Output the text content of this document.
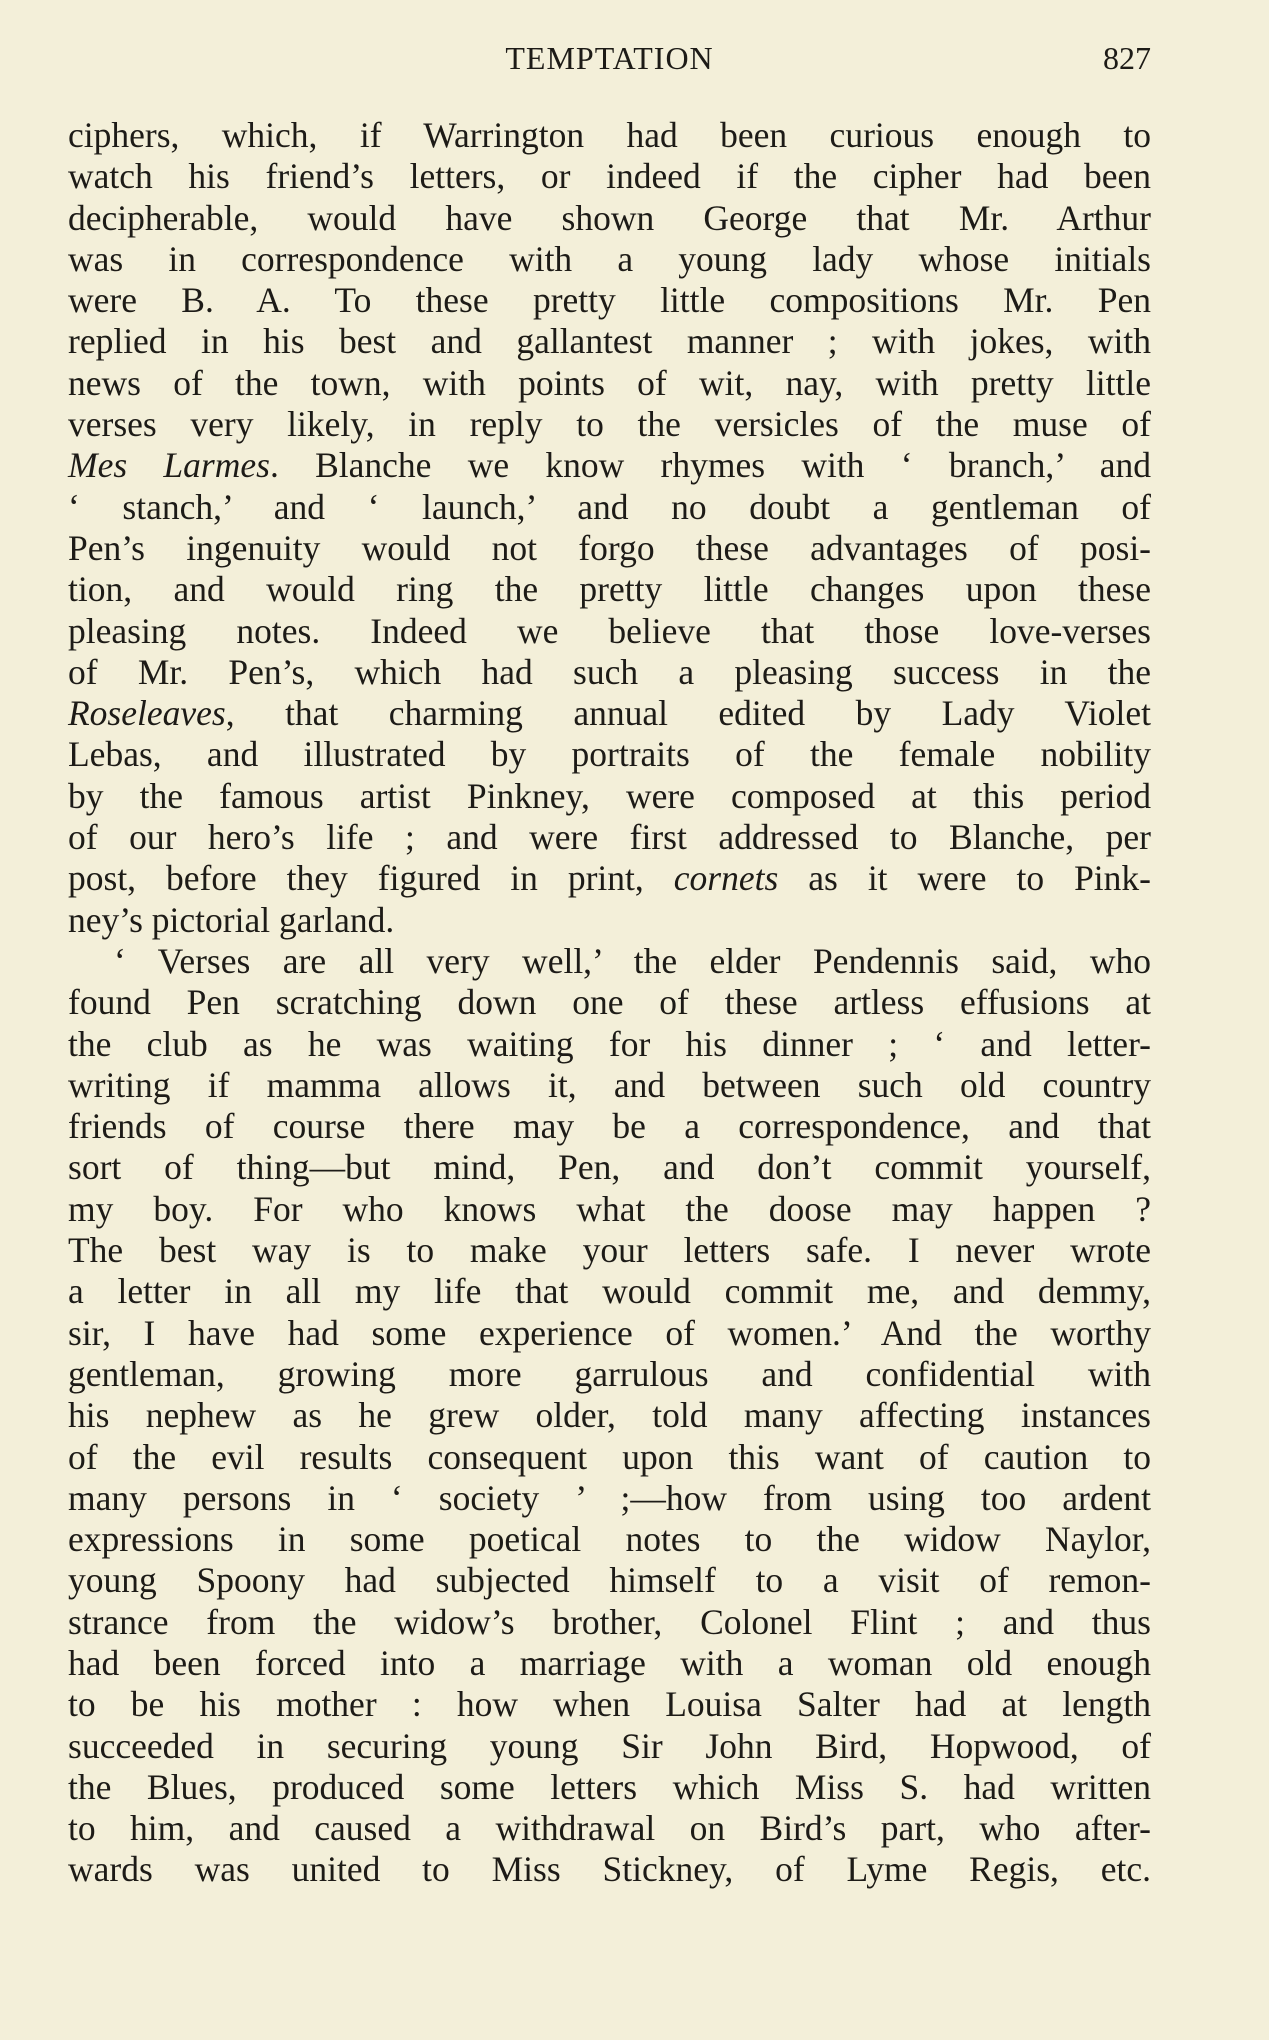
TEMPTATION	827
ciphers, which, if Warrington had been curious enough to
watch his friend’s letters, or indeed if the cipher had been
decipherable, would have shown George that Mr. Arthur
was in correspondence with a young lady whose initials
were B. A. To these pretty little compositions Mr. Pen
replied in his best and gallantest manner ; with jokes, with
news of the town, with points of wit, nay, with pretty little
verses very likely, in reply to the versicles of the muse of
Mes Larmes. Blanche we know rhymes with ‘ branch,’ and
‘ stanch,’ and ‘ launch,’ and no doubt a gentleman of
Pen’s ingenuity would not forgo these advantages of posi-
tion, and would ring the pretty little changes upon these
pleasing notes. Indeed we believe that those love-verses
of Mr. Pen’s, which had such a pleasing success in the
Roseleaves, that charming annual edited by Lady Violet
Lebas, and illustrated by portraits of the female nobility
by the famous artist Pinkney, were composed at this period
of our hero’s life ; and were first addressed to Blanche, per
post, before they figured in print, cornets as it were to Pink-
ney’s pictorial garland.
‘ Verses are all very well,’ the elder Pendennis said, who
found Pen scratching down one of these artless effusions at
the club as he was waiting for his dinner ; ‘ and letter-
writing if mamma allows it, and between such old country
friends of course there may be a correspondence, and that
sort of thing—but mind, Pen, and don’t commit yourself,
my boy. For who knows what the doose may happen ?
The best way is to make your letters safe. I never wrote
a letter in all my life that would commit me, and demmy,
sir, I have had some experience of women.’ And the worthy
gentleman, growing more garrulous and confidential with
his nephew as he grew older, told many affecting instances
of the evil results consequent upon this want of caution to
many persons in ‘ society ’ ;—how from using too ardent
expressions in some poetical notes to the widow Naylor,
young Spoony had subjected himself to a visit of remon-
strance from the widow’s brother, Colonel Flint ; and thus
had been forced into a marriage with a woman old enough
to be his mother : how when Louisa Salter had at length
succeeded in securing young Sir John Bird, Hopwood, of
the Blues, produced some letters which Miss S. had written
to him, and caused a withdrawal on Bird’s part, who after-
wards was united to Miss Stickney, of Lyme Regis, etc.
